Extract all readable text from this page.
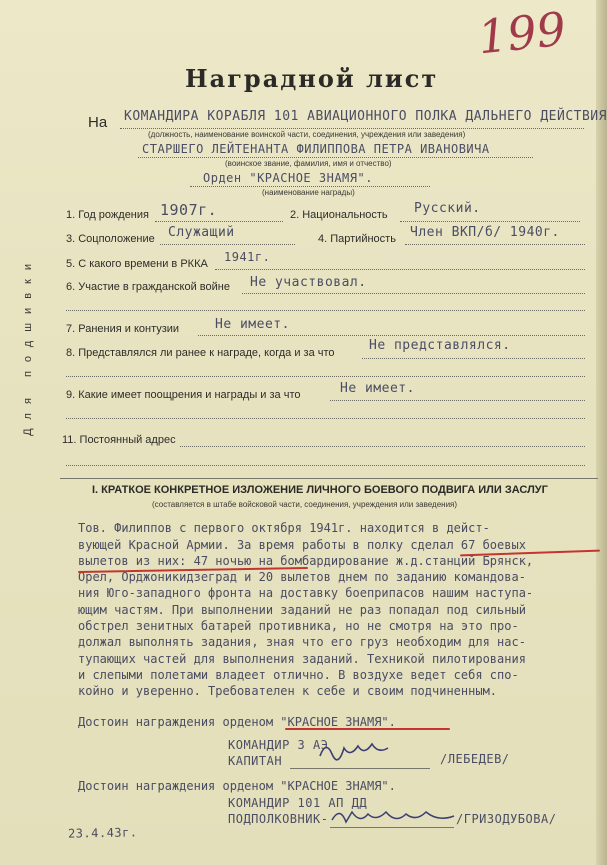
199
Наградной лист
На КОМАНДИРА КОРАБЛЯ 101 АВИАЦИОННОГО ПОЛКА ДАЛЬНЕГО ДЕЙСТВИЯ
(должность, наименование воинской части, соединения, учреждения или заведения)
СТАРШЕГО ЛЕЙТЕНАНТА ФИЛИППОВА ПЕТРА ИВАНОВИЧА
(воинское звание, фамилия, имя и отчество)
Орден "КРАСНОЕ ЗНАМЯ".
(наименование награды)
Для подшивки
1. Год рождения 1907г.	2. Национальность Русский.
3. Соцположение Служащий	4. Партийность Член ВКП/б/ 1940г.
5. С какого времени в РККА 1941г.
6. Участие в гражданской войне Не участвовал.
7. Ранения и контузии	Не имеет.
8. Представлялся ли ранее к награде, когда и за что	Не представлялся.
9. Какие имеет поощрения и награды и за что	Не имеет.
11. Постоянный адрес
I. КРАТКОЕ КОНКРЕТНОЕ ИЗЛОЖЕНИЕ ЛИЧНОГО БОЕВОГО ПОДВИГА ИЛИ ЗАСЛУГ
(составляется в штабе войсковой части, соединения, учреждения или заведения)
Тов. Филиппов с первого октября 1941г. находится в дейст-
вующей Красной Армии. За время работы в полку сделал 67 боевых
вылетов из них: 47 ночью на бомбардирование ж.д.станций Брянск,
Орел, Орджоникидзеград и 20 вылетов днем по заданию командова-
ния Юго-западного фронта на доставку боеприпасов нашим наступа-
ющим частям. При выполнении заданий не раз попадал под сильный
обстрел зенитных батарей противника, но не смотря на это про-
должал выполнять задания, зная что его груз необходим для нас-
тупающих частей для выполнения заданий. Техникой пилотирования
и слепыми полетами владеет отлично. В воздухе ведет себя спо-
койно и уверенно. Требователен к себе и своим подчиненным.
Достоин награждения орденом "КРАСНОЕ ЗНАМЯ".
КОМАНДИР 3 АЭ
КАПИТАН	/ЛЕБЕДЕВ/
Достоин награждения орденом "КРАСНОЕ ЗНАМЯ".
КОМАНДИР 101 АП ДД
ПОДПОЛКОВНИК-	/ГРИЗОДУБОВА/
23.4.43г.
